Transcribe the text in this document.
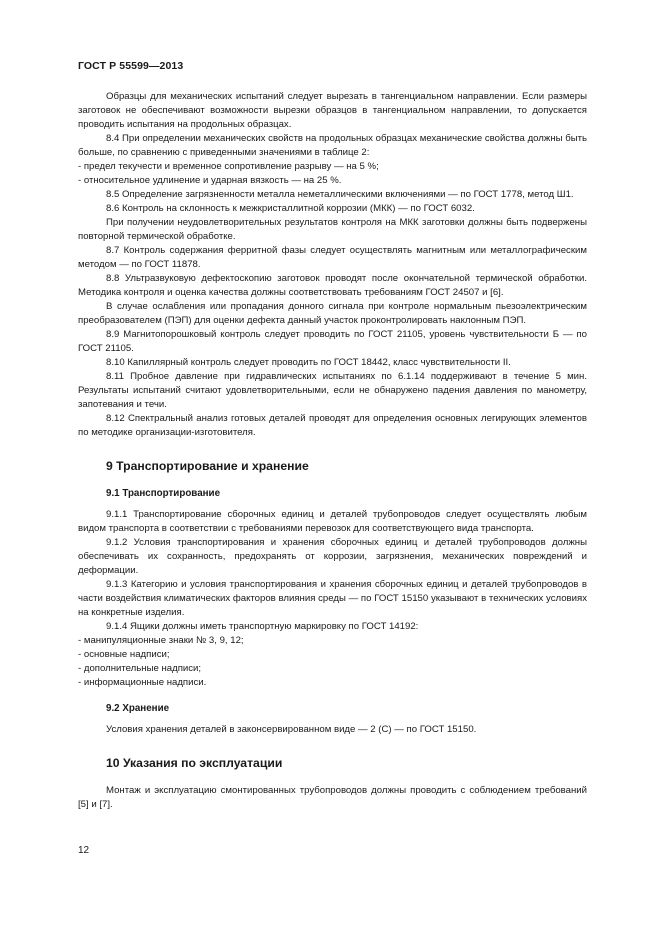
ГОСТ Р 55599—2013

Образцы для механических испытаний следует вырезать в тангенциальном направлении. Если размеры заготовок не обеспечивают возможности вырезки образцов в тангенциальном направлении, то допускается проводить испытания на продольных образцах.

8.4 При определении механических свойств на продольных образцах механические свойства должны быть больше, по сравнению с приведенными значениями в таблице 2:

- предел текучести и временное сопротивление разрыву — на 5 %;

- относительное удлинение и ударная вязкость — на 25 %.

8.5 Определение загрязненности металла неметаллическими включениями — по ГОСТ 1778, метод Ш1.

8.6 Контроль на склонность к межкристаллитной коррозии (МКК) — по ГОСТ 6032.

При получении неудовлетворительных результатов контроля на МКК заготовки должны быть подвержены повторной термической обработке.

8.7 Контроль содержания ферритной фазы следует осуществлять магнитным или металлографическим методом — по ГОСТ 11878.

8.8 Ультразвуковую дефектоскопию заготовок проводят после окончательной термической обработки. Методика контроля и оценка качества должны соответствовать требованиям ГОСТ 24507 и [6].

В случае ослабления или пропадания донного сигнала при контроле нормальным пьезоэлектрическим преобразователем (ПЭП) для оценки дефекта данный участок проконтролировать наклонным ПЭП.

8.9 Магнитопорошковый контроль следует проводить по ГОСТ 21105, уровень чувствительности Б — по ГОСТ 21105.

8.10 Капиллярный контроль следует проводить по ГОСТ 18442, класс чувствительности II.

8.11 Пробное давление при гидравлических испытаниях по 6.1.14 поддерживают в течение 5 мин. Результаты испытаний считают удовлетворительными, если не обнаружено падения давления по манометру, запотевания и течи.

8.12 Спектральный анализ готовых деталей проводят для определения основных легирующих элементов по методике организации-изготовителя.

9 Транспортирование и хранение
9.1 Транспортирование

9.1.1 Транспортирование сборочных единиц и деталей трубопроводов следует осуществлять любым видом транспорта в соответствии с требованиями перевозок для соответствующего вида транспорта.

9.1.2 Условия транспортирования и хранения сборочных единиц и деталей трубопроводов должны обеспечивать их сохранность, предохранять от коррозии, загрязнения, механических повреждений и деформации.

9.1.3 Категорию и условия транспортирования и хранения сборочных единиц и деталей трубопроводов в части воздействия климатических факторов влияния среды — по ГОСТ 15150 указывают в технических условиях на конкретные изделия.

9.1.4 Ящики должны иметь транспортную маркировку по ГОСТ 14192:

- манипуляционные знаки № 3, 9, 12;

- основные надписи;

- дополнительные надписи;

- информационные надписи.

9.2 Хранение

Условия хранения деталей в законсервированном виде — 2 (С) — по ГОСТ 15150.

10 Указания по эксплуатации

Монтаж и эксплуатацию смонтированных трубопроводов должны проводить с соблюдением требований [5] и [7].

12
